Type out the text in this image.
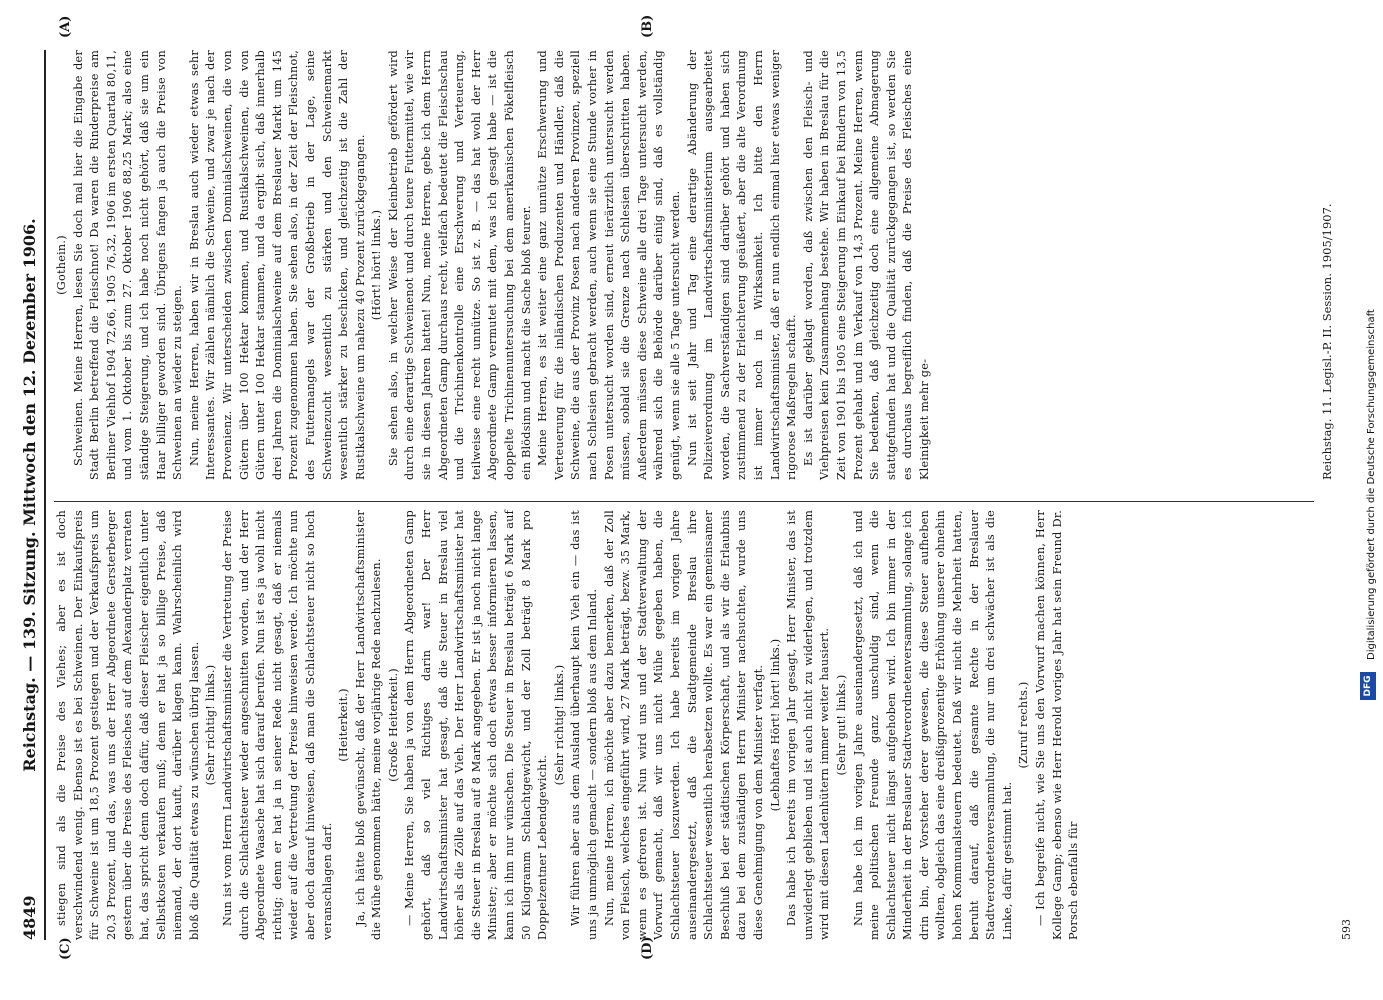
4849
Reichstag. — 139. Sitzung. Mittwoch den 12. Dezember 1906.
(C)	(D)
(A)	(B)

stiegen sind als die Preise des Viehes; aber es ist doch verschwindend wenig. Ebenso ist es bei Schweinen. Der Einkaufspreis für Schweine ist um 18,5 Prozent gestiegen und der Verkaufspreis um 20,3 Prozent, und das, was uns der Herr Abgeordnete Gersterberger gestern über die Preise des Fleisches auf dem Alexanderplatz verraten hat, das spricht denn doch dafür, daß dieser Fleischer eigentlich unter Selbstkosten verkaufen muß; denn er hat ja so billige Preise, daß niemand, der dort kauft, darüber klagen kann. Wahrscheinlich wird bloß die Qualität etwas zu wünschen übrig lassen. (Sehr richtig! links.) Nun ist vom Herrn Landwirtschaftsminister die Vertretung der Preise durch die Schlachtsteuer wieder angeschnitten worden, und der Herr Abgeordnete Waasche hat sich darauf berufen. Nun ist es ja wohl nicht richtig; denn er hat ja in seiner Rede nicht gesagt, daß er niemals wieder auf die Vertretung der Preise hinweisen werde. Ich möchte nun aber doch darauf hinweisen, daß man die Schlachtsteuer nicht so hoch veranschlagen darf.

(Heiterkeit.) Ja, ich hätte bloß gewünscht, daß der Herr Landwirtschaftsminister die Mühe genommen hätte, meine vorjährige Rede nachzulesen. (Große Heiterkeit.) — Meine Herren, Sie haben ja von dem Herrn Abgeordneten Gamp gehört, daß so viel Richtiges darin war! Der Herr Landwirtschaftsminister hat gesagt, daß die Steuer in Breslau viel höher als die Zölle auf das Vieh. Der Herr Landwirtschaftsminister hat die Steuer in Breslau auf 8 Mark angegeben. Er ist ja noch nicht lange Minister; aber er möchte sich doch etwas besser informieren lassen, kann ich ihm nur wünschen. Die Steuer in Breslau beträgt 6 Mark auf 50 Kilogramm Schlachtgewicht, und der Zoll beträgt 8 Mark pro Doppelzentner Lebendgewicht.

(Sehr richtig! links.) Wir führen aber aus dem Ausland überhaupt kein Vieh ein — das ist uns ja unmöglich gemacht — sondern bloß aus dem Inland. Nun, meine Herren, ich möchte aber dazu bemerken, daß der Zoll von Fleisch, welches eingeführt wird, 27 Mark beträgt, bezw. 35 Mark, wenn es gefroren ist. Nun wird uns und der Stadtverwaltung der Vorwurf gemacht, daß wir uns nicht Mühe gegeben haben, die Schlachtsteuer loszuwerden. Ich habe bereits im vorigen Jahre auseinandergesetzt, daß die Stadtgemeinde Breslau ihre Schlachtsteuer wesentlich herabsetzen wollte. Es war ein gemeinsamer Beschluß bei der städtischen Körperschaft, und als wir die Erlaubnis dazu bei dem zuständigen Herrn Minister nachsuchten, wurde uns diese Genehmigung von dem Minister verfagt. (Lebhaftes Hört! hört! links.) Das habe ich bereits im vorigen Jahr gesagt, Herr Minister, das ist unwiderlegt geblieben und ist auch nicht zu widerlegen, und trotzdem wird mit diesen Ladenhütern immer weiter hausiert. (Sehr gut! links.) Nun habe ich im vorigen Jahre auseinandergesetzt, daß ich und meine politischen Freunde ganz unschuldig sind, wenn die Schlachtsteuer nicht längst aufgehoben wird. Ich bin immer in der Minderheit in der Breslauer Stadtverordnetenversammlung, solange ich drin bin, der Vorsteher derer gewesen, die diese Steuer aufheben wollten, obgleich das eine dreißigprozentige Erhöhung unserer ohnehin hohen Kommunalsteuern bedeutet. Daß wir nicht die Mehrheit hatten, beruht darauf, daß die gesamte Rechte in der Breslauer Stadtverordnetenversammlung, die nur um drei schwächer ist als die Linke, dafür gestimmt hat.

(Zuruf rechts.) — Ich begreife nicht, wie Sie uns den Vorwurf machen können, Herr Kollege Gamp; ebenso wie Herr Herold voriges Jahr hat sein Freund Dr. Porsch ebenfalls für

(Gothein.) Schweinen. Meine Herren, lesen Sie doch mal hier die Eingabe der Stadt Berlin betreffend die Fleischnot! Da waren die Rinderpreise am Berliner Viehhof 1904 72,66, 1905 76,32, 1906 im ersten Quartal 80,11, und vom 1. Oktober bis zum 27. Oktober 1906 88,25 Mark; also eine ständige Steigerung, und ich habe noch nicht gehört, daß sie um ein Haar billiger geworden sind. Übrigens fangen ja auch die Preise von Schweinen an wieder zu steigen. Nun, meine Herren, haben wir in Breslau auch wieder etwas sehr Interessantes. Wir zählen nämlich die Schweine, und zwar je nach der Provenienz. Wir unterscheiden zwischen Dominialschweinen, die von Gütern über 100 Hektar kommen, und Rustikalschweinen, die von Gütern unter 100 Hektar stammen, und da ergibt sich, daß innerhalb drei Jahren die Dominialschweine auf dem Breslauer Markt um 145 Prozent zugenommen haben. Sie sehen also, in der Zeit der Fleischnot, des Futtermangels war der Großbetrieb in der Lage, seine Schweinezucht wesentlich zu stärken und den Schweinemarkt wesentlich stärker zu beschicken, und gleichzeitig ist die Zahl der Rustikalschweine um nahezu 40 Prozent zurückgegangen. (Hört! hört! links.) Sie sehen also, in welcher Weise der Kleinbetrieb gefördert wird durch eine derartige Schweinenot und durch teure Futtermittel, wie wir sie in diesen Jahren hatten! Nun, meine Herren, gebe ich dem Herrn Abgeordneten Gamp durchaus recht, vielfach bedeutet die Fleischschau und die Trichinenkontrolle eine Erschwerung und Verteuerung, teilweise eine recht unnütze. So ist z. B. — das hat wohl der Herr Abgeordnete Gamp vermutet mit dem, was ich gesagt habe — ist die doppelte Trichinenuntersuchung bei dem amerikanischen Pökelfleisch ein Blödsinn und macht die Sache bloß teurer. Meine Herren, es ist weiter eine ganz unnütze Erschwerung und Verteuerung für die inländischen Produzenten und Händler, daß die Schweine, die aus der Provinz Posen nach anderen Provinzen, speziell nach Schlesien gebracht werden, auch wenn sie eine Stunde vorher in Posen untersucht worden sind, erneut tierärztlich untersucht werden müssen, sobald sie die Grenze nach Schlesien überschritten haben. Außerdem müssen diese Schweine alle drei Tage untersucht werden, während sich die Behörde darüber einig sind, daß es vollständig genügt, wenn sie alle 5 Tage untersucht werden. Nun ist seit Jahr und Tag eine derartige Abänderung der Polizeiverordnung im Landwirtschaftsministerium ausgearbeitet worden, die Sachverständigen sind darüber gehört und haben sich zustimmend zu der Erleichterung geäußert, aber die alte Verordnung ist immer noch in Wirksamkeit. Ich bitte den Herrn Landwirtschaftsminister, daß er nun endlich einmal hier etwas weniger rigorose Maßregeln schafft. Es ist darüber geklagt worden, daß zwischen den Fleisch- und Viehpreisen kein Zusammenhang bestehe. Wir haben in Breslau für die Zeit von 1901 bis 1905 eine Steigerung im Einkauf bei Rindern von 13,5 Prozent gehabt und im Verkauf von 14,3 Prozent. Meine Herren, wenn Sie bedenken, daß gleichzeitig doch eine allgemeine Abmagerung stattgefunden hat und die Qualität zurückgegangen ist, so werden Sie es durchaus begreiflich finden, daß die Preise des Fleisches eine Kleinigkeit mehr ge-	Reichstag. 11. Legisl.-P. II. Session. 1905/1907.
593
DFG
Digitalisierung gefördert durch die Deutsche Forschungsgemeinschaft
